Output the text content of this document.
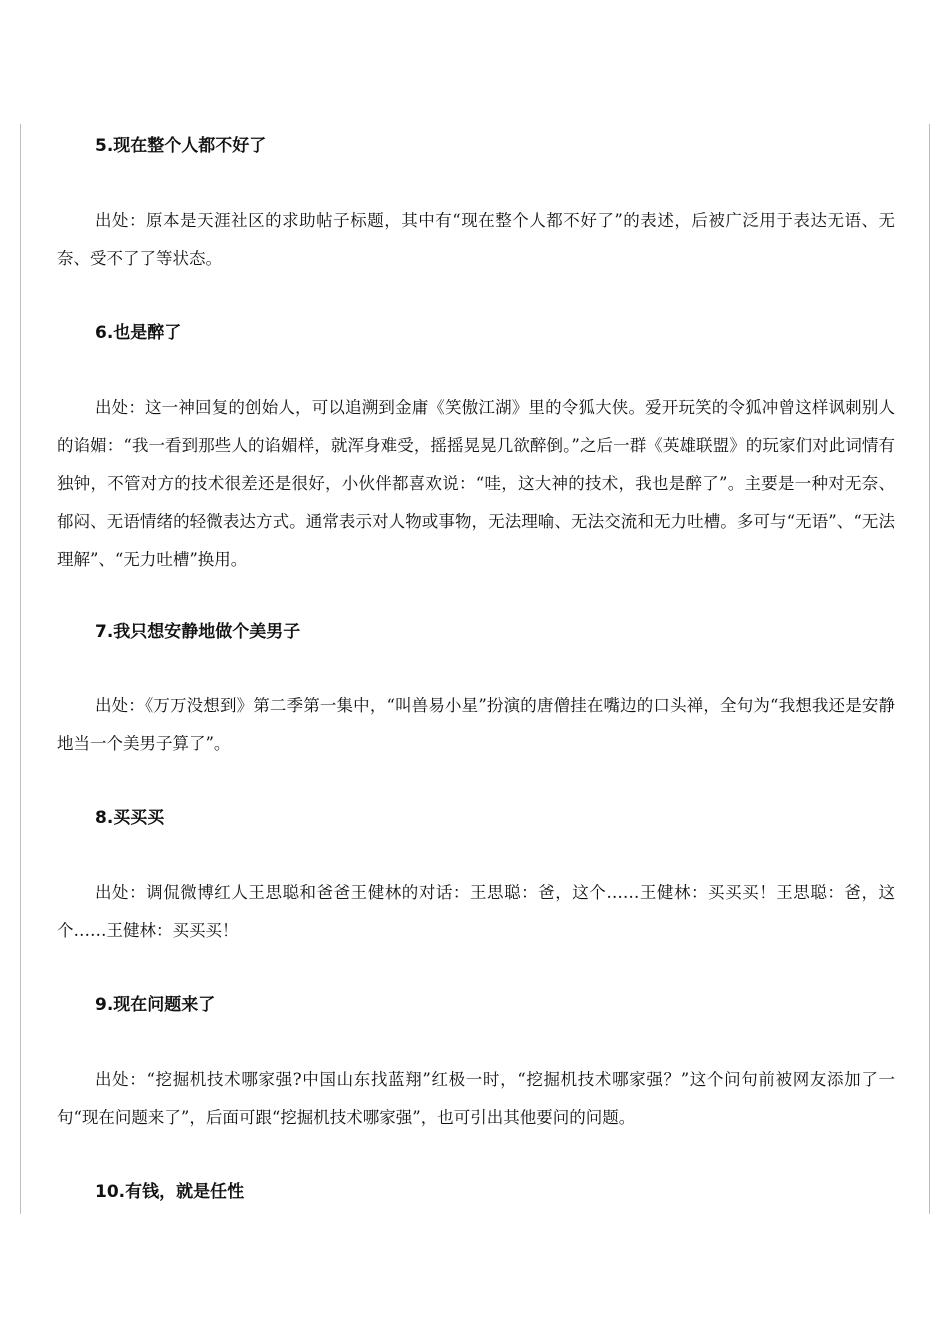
5.现在整个人都不好了

出处：原本是天涯社区的求助帖子标题，其中有“现在整个人都不好了”的表述，后被广泛用于表达无语、无奈、受不了了等状态。

6.也是醉了

出处：这一神回复的创始人，可以追溯到金庸《笑傲江湖》里的令狐大侠。爱开玩笑的令狐冲曾这样讽刺别人的谄媚：“我一看到那些人的谄媚样，就浑身难受，摇摇晃晃几欲醉倒。”之后一群《英雄联盟》的玩家们对此词情有独钟，不管对方的技术很差还是很好，小伙伴都喜欢说：“哇，这大神的技术，我也是醉了”。主要是一种对无奈、郁闷、无语情绪的轻微表达方式。通常表示对人物或事物，无法理喻、无法交流和无力吐槽。多可与“无语”、“无法理解”、“无力吐槽”换用。

7.我只想安静地做个美男子

出处：《万万没想到》第二季第一集中，“叫兽易小星”扮演的唐僧挂在嘴边的口头禅，全句为“我想我还是安静地当一个美男子算了”。

8.买买买

出处：调侃微博红人王思聪和爸爸王健林的对话：王思聪：爸，这个……王健林：买买买！王思聪：爸，这个……王健林：买买买！

9.现在问题来了

出处：“挖掘机技术哪家强?中国山东找蓝翔”红极一时，“挖掘机技术哪家强？”这个问句前被网友添加了一句“现在问题来了”，后面可跟“挖掘机技术哪家强”，也可引出其他要问的问题。

10.有钱，就是任性
